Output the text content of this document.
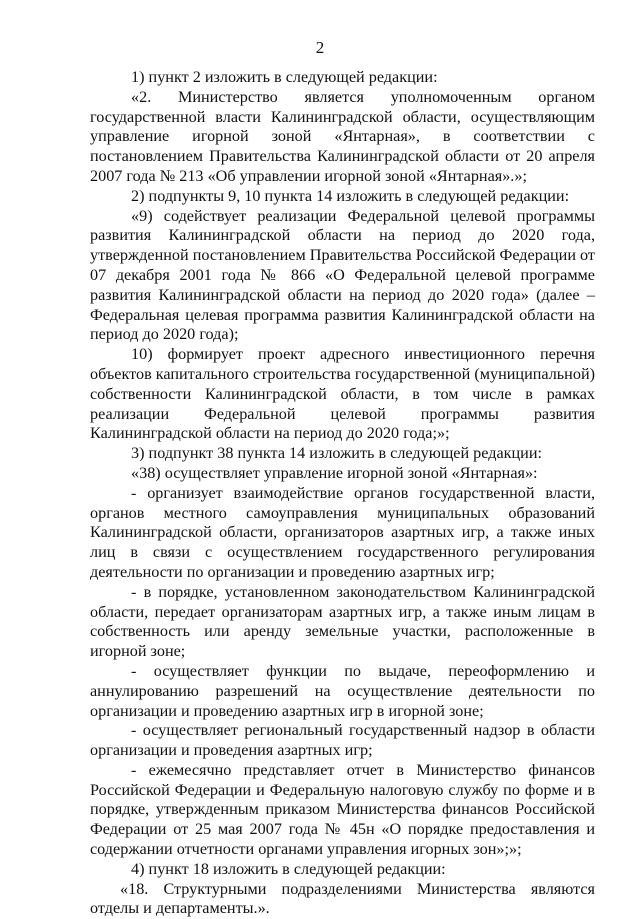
2

1) пункт 2 изложить в следующей редакции:

«2. Министерство является уполномоченным органом государственной власти Калининградской области, осуществляющим управление игорной зоной «Янтарная», в соответствии с постановлением Правительства Калининградской области от 20 апреля 2007 года № 213 «Об управлении игорной зоной «Янтарная».»;

2) подпункты 9, 10 пункта 14 изложить в следующей редакции:

«9) содействует реализации Федеральной целевой программы развития Калининградской области на период до 2020 года, утвержденной постановлением Правительства Российской Федерации от 07 декабря 2001 года № 866 «О Федеральной целевой программе развития Калининградской области на период до 2020 года» (далее – Федеральная целевая программа развития Калининградской области на период до 2020 года);

10) формирует проект адресного инвестиционного перечня объектов капитального строительства государственной (муниципальной) собственности Калининградской области, в том числе в рамках реализации Федеральной целевой программы развития Калининградской области на период до 2020 года;»;

3) подпункт 38 пункта 14 изложить в следующей редакции:

«38) осуществляет управление игорной зоной «Янтарная»:

- организует взаимодействие органов государственной власти, органов местного самоуправления муниципальных образований Калининградской области, организаторов азартных игр, а также иных лиц в связи с осуществлением государственного регулирования деятельности по организации и проведению азартных игр;

- в порядке, установленном законодательством Калининградской области, передает организаторам азартных игр, а также иным лицам в собственность или аренду земельные участки, расположенные в игорной зоне;

- осуществляет функции по выдаче, переоформлению и аннулированию разрешений на осуществление деятельности по организации и проведению азартных игр в игорной зоне;

- осуществляет региональный государственный надзор в области организации и проведения азартных игр;

- ежемесячно представляет отчет в Министерство финансов Российской Федерации и Федеральную налоговую службу по форме и в порядке, утвержденным приказом Министерства финансов Российской Федерации от 25 мая 2007 года № 45н «О порядке предоставления и содержании отчетности органами управления игорных зон»;»;

4) пункт 18 изложить в следующей редакции:

«18. Структурными подразделениями Министерства являются отделы и департаменты.».
